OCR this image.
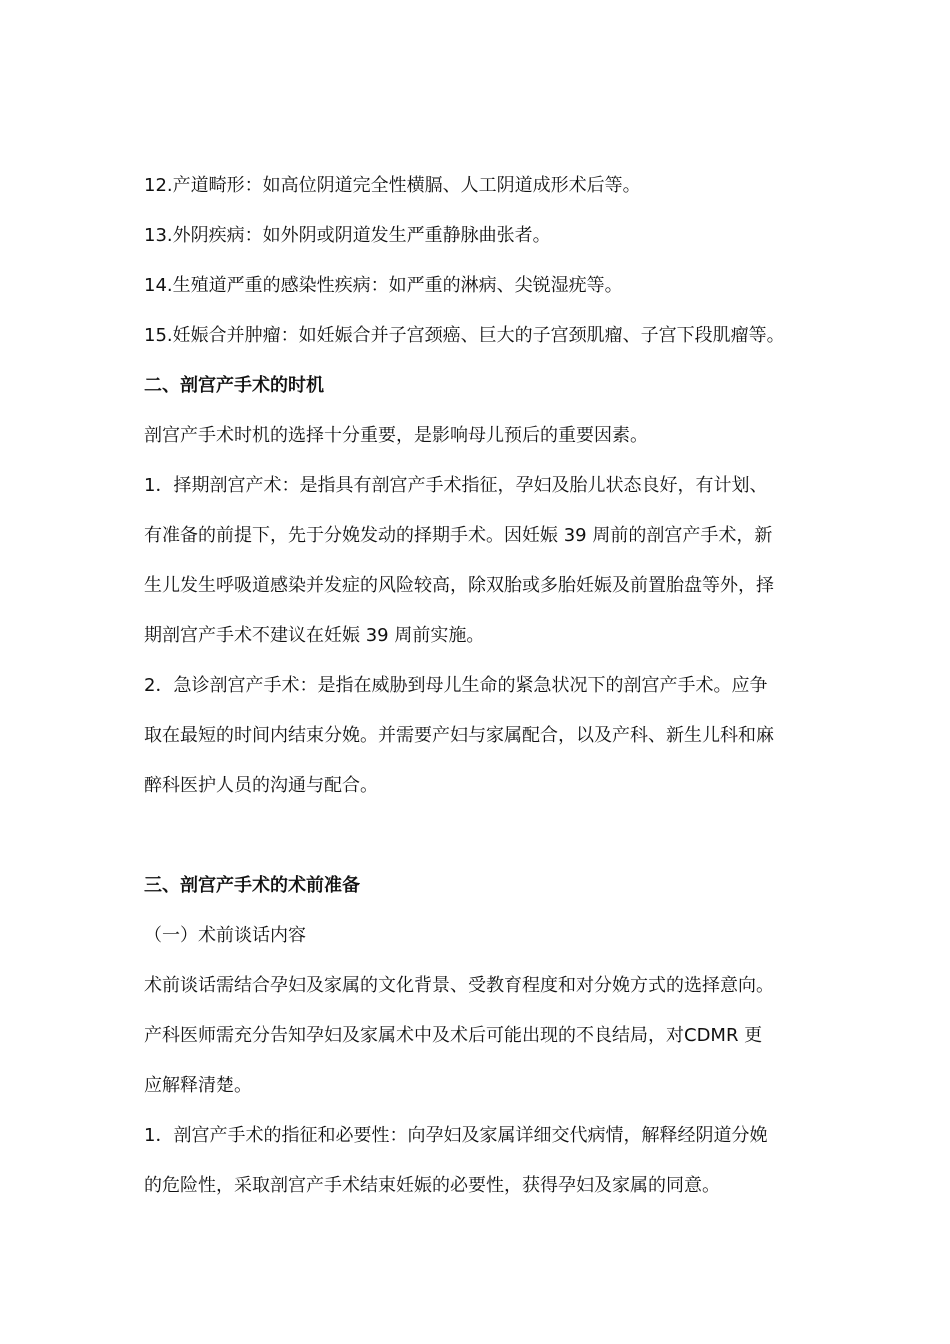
12.产道畸形：如高位阴道完全性横膈、人工阴道成形术后等。
13.外阴疾病：如外阴或阴道发生严重静脉曲张者。
14.生殖道严重的感染性疾病：如严重的淋病、尖锐湿疣等。
15.妊娠合并肿瘤：如妊娠合并子宫颈癌、巨大的子宫颈肌瘤、子宫下段肌瘤等。
二、剖宫产手术的时机
剖宫产手术时机的选择十分重要，是影响母儿预后的重要因素。
1．择期剖宫产术：是指具有剖宫产手术指征，孕妇及胎儿状态良好，有计划、
有准备的前提下，先于分娩发动的择期手术。因妊娠 39 周前的剖宫产手术，新
生儿发生呼吸道感染并发症的风险较高，除双胎或多胎妊娠及前置胎盘等外，择
期剖宫产手术不建议在妊娠 39 周前实施。
2．急诊剖宫产手术：是指在威胁到母儿生命的紧急状况下的剖宫产手术。应争
取在最短的时间内结束分娩。并需要产妇与家属配合，以及产科、新生儿科和麻
醉科医护人员的沟通与配合。
三、剖宫产手术的术前准备
（一）术前谈话内容
术前谈话需结合孕妇及家属的文化背景、受教育程度和对分娩方式的选择意向。
产科医师需充分告知孕妇及家属术中及术后可能出现的不良结局，对CDMR 更
应解释清楚。
1．剖宫产手术的指征和必要性：向孕妇及家属详细交代病情，解释经阴道分娩
的危险性，采取剖宫产手术结束妊娠的必要性，获得孕妇及家属的同意。
